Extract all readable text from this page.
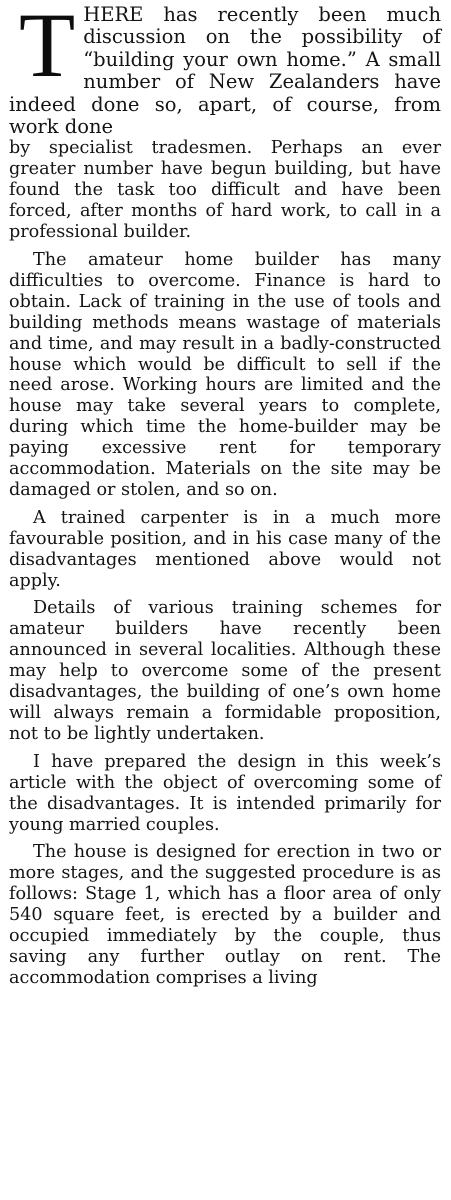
THERE has recently been much discussion on the possibility of “building your own home.” A small number of New Zealanders have indeed done so, apart, of course, from work done

by specialist tradesmen. Perhaps an ever greater number have begun building, but have found the task too difficult and have been forced, after months of hard work, to call in a professional builder.

The amateur home builder has many difficulties to overcome. Finance is hard to obtain. Lack of training in the use of tools and building methods means wastage of materials and time, and may result in a badly-constructed house which would be difficult to sell if the need arose. Working hours are limited and the house may take several years to complete, during which time the home-builder may be paying excessive rent for temporary accommodation. Materials on the site may be damaged or stolen, and so on.

A trained carpenter is in a much more favourable position, and in his case many of the disadvantages mentioned above would not apply.

Details of various training schemes for amateur builders have recently been announced in several localities. Although these may help to overcome some of the present disadvantages, the building of one’s own home will always remain a formidable proposition, not to be lightly undertaken.

I have prepared the design in this week’s article with the object of overcoming some of the disadvantages. It is intended primarily for young married couples.

The house is designed for erection in two or more stages, and the suggested procedure is as follows: Stage 1, which has a floor area of only 540 square feet, is erected by a builder and occupied immediately by the couple, thus saving any further outlay on rent. The accommodation comprises a living
